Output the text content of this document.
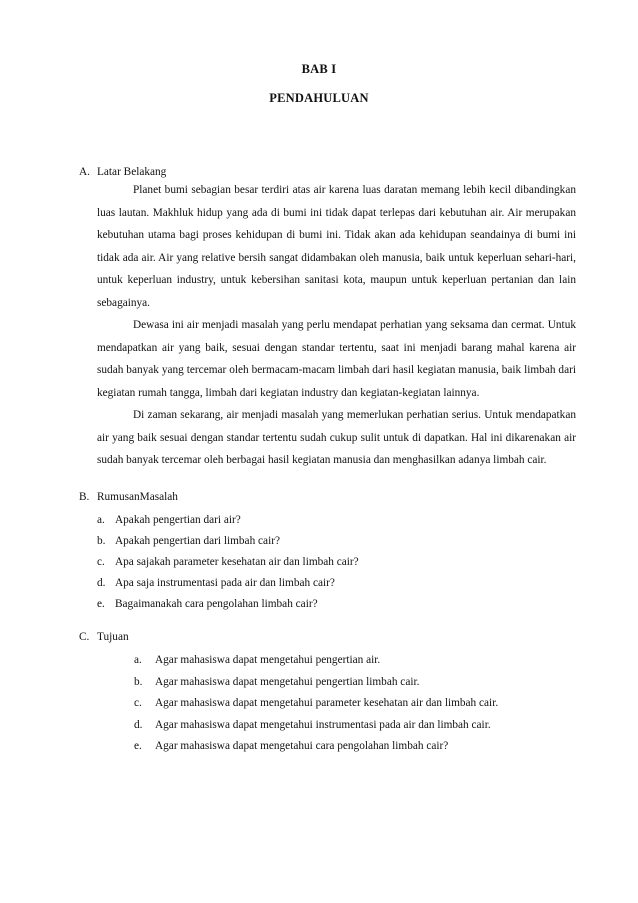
BAB I
PENDAHULUAN
A. Latar Belakang
Planet bumi sebagian besar terdiri atas air karena luas daratan memang lebih kecil dibandingkan luas lautan. Makhluk hidup yang ada di bumi ini tidak dapat terlepas dari kebutuhan air. Air merupakan kebutuhan utama bagi proses kehidupan di bumi ini. Tidak akan ada kehidupan seandainya di bumi ini tidak ada air. Air yang relative bersih sangat didambakan oleh manusia, baik untuk keperluan sehari-hari, untuk keperluan industry, untuk kebersihan sanitasi kota, maupun untuk keperluan pertanian dan lain sebagainya.
Dewasa ini air menjadi masalah yang perlu mendapat perhatian yang seksama dan cermat. Untuk mendapatkan air yang baik, sesuai dengan standar tertentu, saat ini menjadi barang mahal karena air sudah banyak yang tercemar oleh bermacam-macam limbah dari hasil kegiatan manusia, baik limbah dari kegiatan rumah tangga, limbah dari kegiatan industry dan kegiatan-kegiatan lainnya.
Di zaman sekarang, air menjadi masalah yang memerlukan perhatian serius. Untuk mendapatkan air yang baik sesuai dengan standar tertentu sudah cukup sulit untuk di dapatkan. Hal ini dikarenakan air sudah banyak tercemar oleh berbagai hasil kegiatan manusia dan menghasilkan adanya limbah cair.
B. RumusanMasalah
a. Apakah pengertian dari air?
b. Apakah pengertian dari limbah cair?
c. Apa sajakah parameter kesehatan air dan limbah cair?
d. Apa saja instrumentasi pada air dan limbah cair?
e. Bagaimanakah cara pengolahan limbah cair?
C. Tujuan
a. Agar mahasiswa dapat mengetahui pengertian air.
b. Agar mahasiswa dapat mengetahui pengertian limbah cair.
c. Agar mahasiswa dapat mengetahui parameter kesehatan air dan limbah cair.
d. Agar mahasiswa dapat mengetahui instrumentasi pada air dan limbah cair.
e. Agar mahasiswa dapat mengetahui cara pengolahan limbah cair?
